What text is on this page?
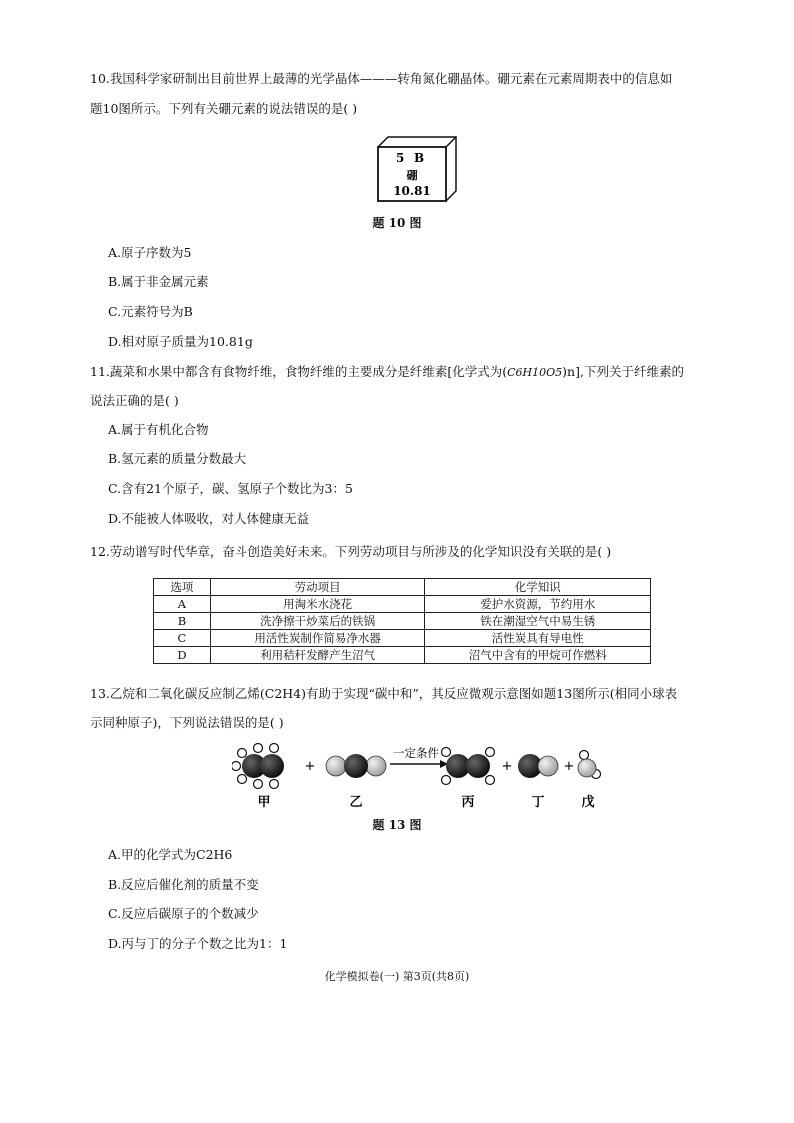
10.我国科学家研制出目前世界上最薄的光学晶体———转角氮化硼晶体。硼元素在元素周期表中的信息如
题10图所示。下列有关硼元素的说法错误的是( )
5 B
硼
10.81
题 10 图
A.原子序数为5
B.属于非金属元素
C.元素符号为B
D.相对原子质量为10.81g
11.蔬菜和水果中都含有食物纤维，食物纤维的主要成分是纤维素[化学式为(C6H10O5)n],下列关于纤维素的
说法正确的是( )
A.属于有机化合物
B.氢元素的质量分数最大
C.含有21个原子，碳、氢原子个数比为3：5
D.不能被人体吸收，对人体健康无益
12.劳动谱写时代华章，奋斗创造美好未来。下列劳动项目与所涉及的化学知识没有关联的是( )
选项	劳动项目	化学知识
A	用淘米水浇花	爱护水资源，节约用水
B	洗净擦干炒菜后的铁锅	铁在潮湿空气中易生锈
C	用活性炭制作简易净水器	活性炭具有导电性
D	利用秸秆发酵产生沼气	沼气中含有的甲烷可作燃料
13.乙烷和二氧化碳反应制乙烯(C2H4)有助于实现“碳中和”，其反应微观示意图如题13图所示(相同小球表
示同种原子)，下列说法错误的是( )
+
一定条件
+	+
甲	乙	丙	丁	戊
题 13 图
A.甲的化学式为C2H6
B.反应后催化剂的质量不变
C.反应后碳原子的个数减少
D.丙与丁的分子个数之比为1：1
化学模拟卷(一) 第3页(共8页)
